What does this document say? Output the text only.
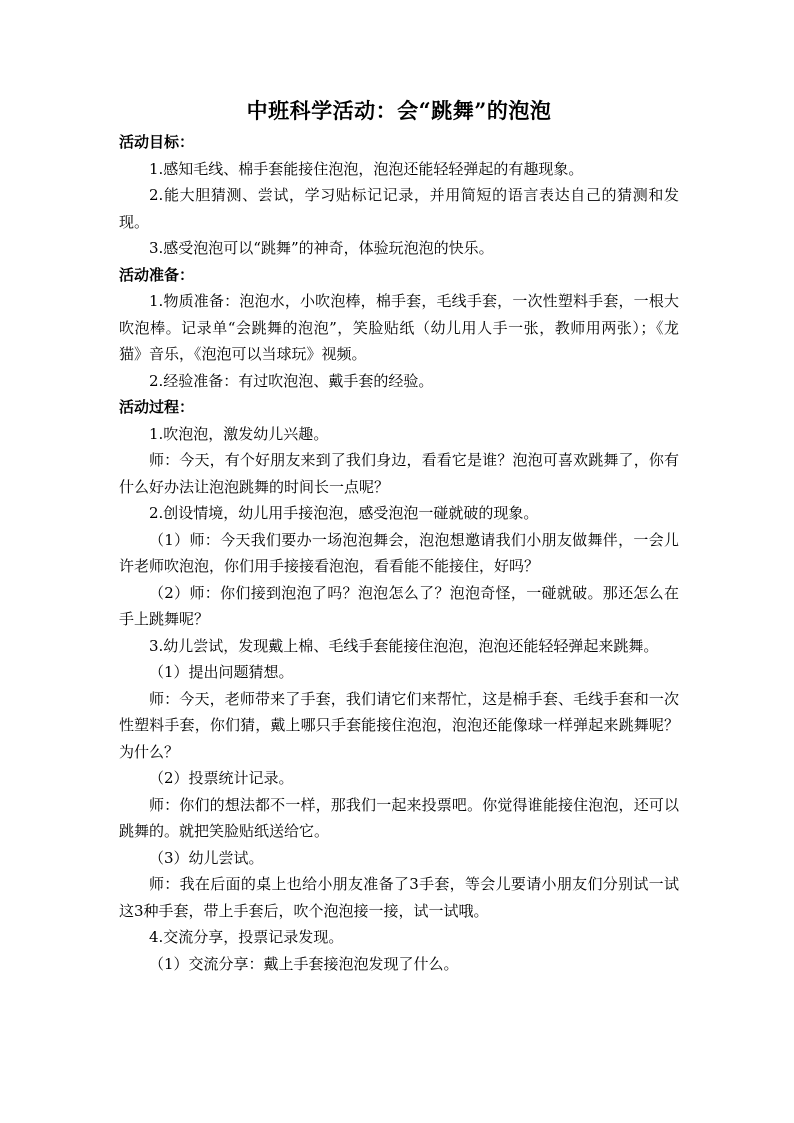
中班科学活动：会“跳舞”的泡泡

活动目标：

1.感知毛线、棉手套能接住泡泡，泡泡还能轻轻弹起的有趣现象。

2.能大胆猜测、尝试，学习贴标记记录，并用简短的语言表达自己的猜测和发现。

3.感受泡泡可以“跳舞”的神奇，体验玩泡泡的快乐。

活动准备：

1.物质准备：泡泡水，小吹泡棒，棉手套，毛线手套，一次性塑料手套，一根大吹泡棒。记录单“会跳舞的泡泡”，笑脸贴纸（幼儿用人手一张，教师用两张）；《龙猫》音乐，《泡泡可以当球玩》视频。

2.经验准备：有过吹泡泡、戴手套的经验。

活动过程：

1.吹泡泡，激发幼儿兴趣。

师：今天，有个好朋友来到了我们身边，看看它是谁？泡泡可喜欢跳舞了，你有什么好办法让泡泡跳舞的时间长一点呢？

2.创设情境，幼儿用手接泡泡，感受泡泡一碰就破的现象。

（1）师：今天我们要办一场泡泡舞会，泡泡想邀请我们小朋友做舞伴，一会儿许老师吹泡泡，你们用手接接看泡泡，看看能不能接住，好吗？

（2）师：你们接到泡泡了吗？泡泡怎么了？泡泡奇怪，一碰就破。那还怎么在手上跳舞呢？

3.幼儿尝试，发现戴上棉、毛线手套能接住泡泡，泡泡还能轻轻弹起来跳舞。

（1）提出问题猜想。

师：今天，老师带来了手套，我们请它们来帮忙，这是棉手套、毛线手套和一次性塑料手套，你们猜，戴上哪只手套能接住泡泡，泡泡还能像球一样弹起来跳舞呢？为什么？

（2）投票统计记录。

师：你们的想法都不一样，那我们一起来投票吧。你觉得谁能接住泡泡，还可以跳舞的。就把笑脸贴纸送给它。

（3）幼儿尝试。

师：我在后面的桌上也给小朋友准备了3手套，等会儿要请小朋友们分别试一试这3种手套，带上手套后，吹个泡泡接一接，试一试哦。

4.交流分享，投票记录发现。

（1）交流分享：戴上手套接泡泡发现了什么。
